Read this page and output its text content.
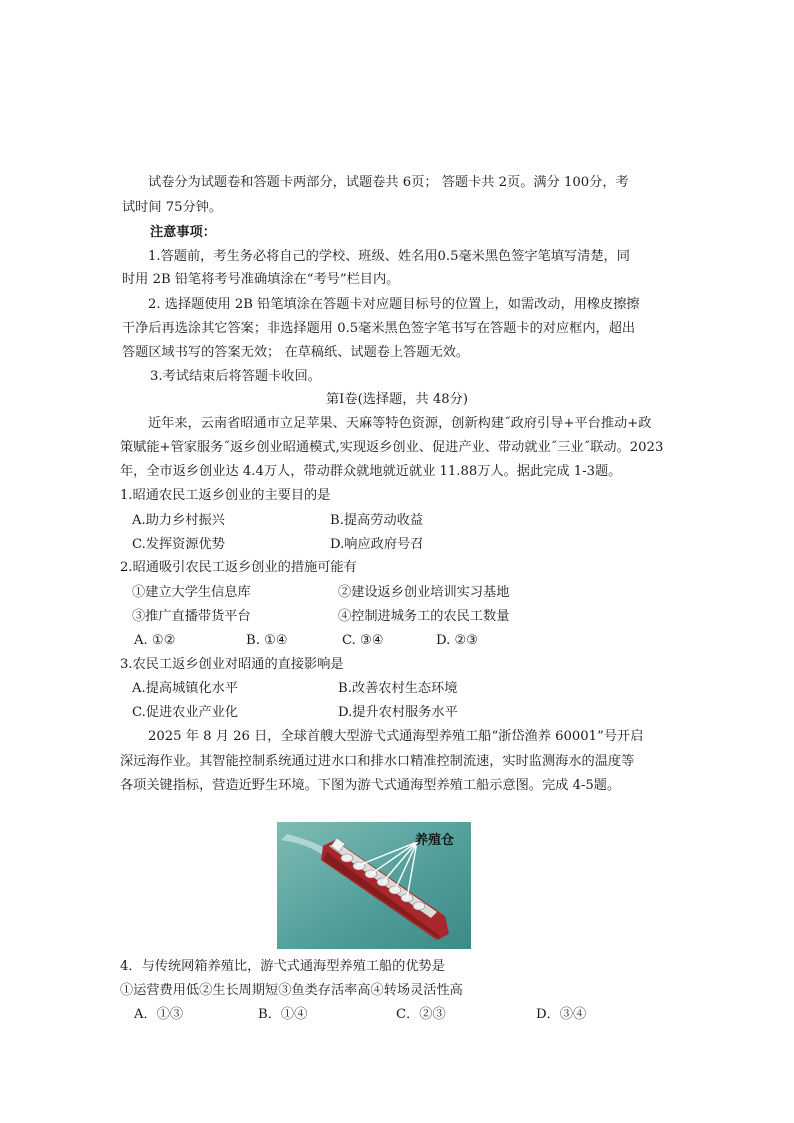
试卷分为试题卷和答题卡两部分，试题卷共 6页； 答题卡共 2页。满分 100分，考
试时间 75分钟。
注意事项：
1.答题前，考生务必将自己的学校、班级、姓名用0.5毫米黑色签字笔填写清楚，同
时用 2B 铅笔将考号准确填涂在“考号”栏目内。
2. 选择题使用 2B 铅笔填涂在答题卡对应题目标号的位置上，如需改动，用橡皮擦擦
干净后再选涂其它答案；非选择题用 0.5毫米黑色签字笔书写在答题卡的对应框内，超出
答题区域书写的答案无效； 在草稿纸、试题卷上答题无效。
3.考试结束后将答题卡收回。
第Ⅰ卷(选择题，共 48分)
近年来，云南省昭通市立足苹果、天麻等特色资源，创新构建˝政府引导+平台推动+政
策赋能+管家服务˝返乡创业昭通模式,实现返乡创业、促进产业、带动就业˝三业˝联动。2023
年，全市返乡创业达 4.4万人，带动群众就地就近就业 11.88万人。据此完成 1-3题。
1.昭通农民工返乡创业的主要目的是
A.助力乡村振兴	B.提高劳动收益
C.发挥资源优势	D.响应政府号召
2.昭通吸引农民工返乡创业的措施可能有
①建立大学生信息库	②建设返乡创业培训实习基地
③推广直播带货平台	④控制进城务工的农民工数量
A. ①②	B. ①④	C. ③④	D. ②③
3.农民工返乡创业对昭通的直接影响是
A.提高城镇化水平	B.改善农村生态环境
C.促进农业产业化	D.提升农村服务水平
2025 年 8 月 26 日，全球首艘大型游弋式通海型养殖工船“浙岱渔养 60001”号开启
深远海作业。其智能控制系统通过进水口和排水口精准控制流速，实时监测海水的温度等
各项关键指标，营造近野生环境。下图为游弋式通海型养殖工船示意图。完成 4-5题。
养殖仓
4．与传统网箱养殖比，游弋式通海型养殖工船的优势是
①运营费用低②生长周期短③鱼类存活率高④转场灵活性高
A．①③	B．①④	C．②③	D．③④
